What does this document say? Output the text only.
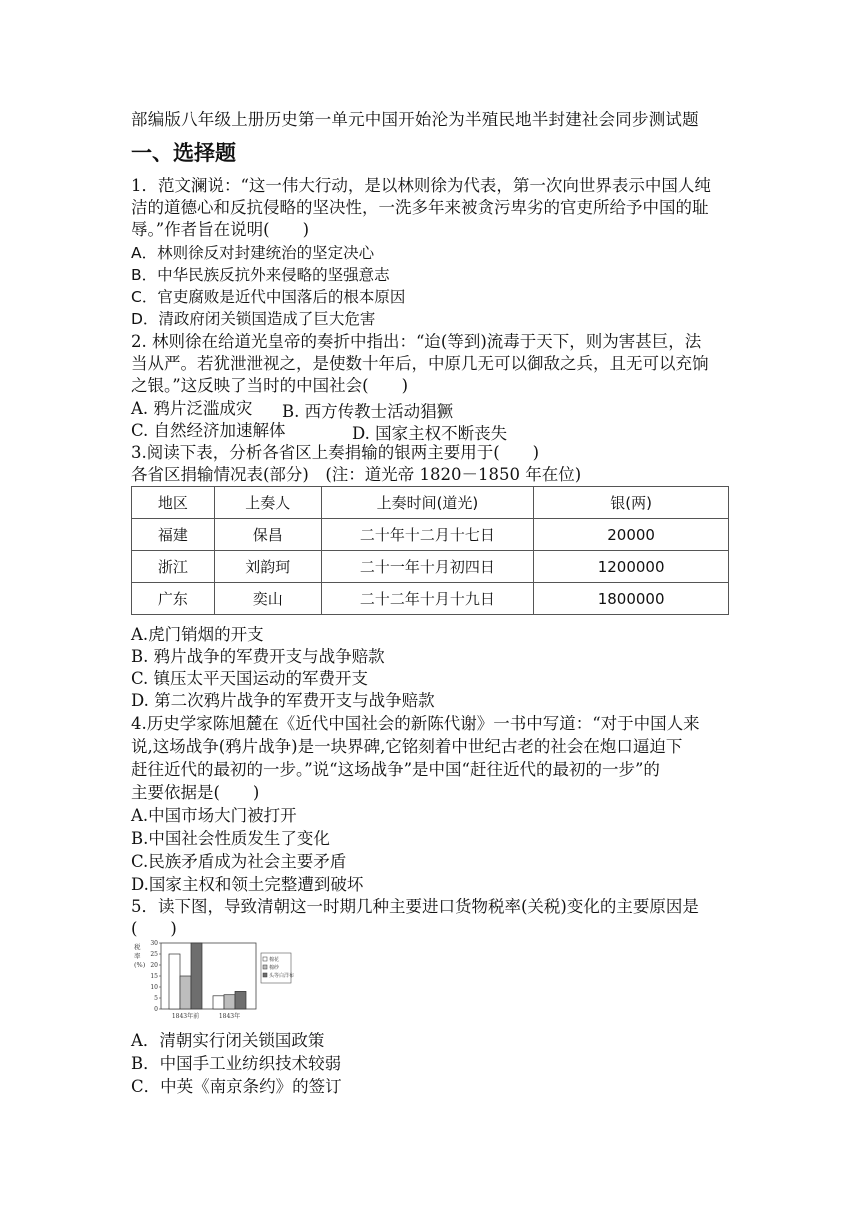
部编版八年级上册历史第一单元中国开始沦为半殖民地半封建社会同步测试题
一、选择题
1．范文澜说：“这一伟大行动，是以林则徐为代表，第一次向世界表示中国人纯
洁的道德心和反抗侵略的坚决性，一洗多年来被贪污卑劣的官吏所给予中国的耻
辱。”作者旨在说明(　　)
A．林则徐反对封建统治的坚定决心
B．中华民族反抗外来侵略的坚强意志
C．官吏腐败是近代中国落后的根本原因
D．清政府闭关锁国造成了巨大危害
2. 林则徐在给道光皇帝的奏折中指出：“迨(等到)流毒于天下，则为害甚巨，法
当从严。若犹泄泄视之，是使数十年后，中原几无可以御敌之兵，且无可以充饷
之银。”这反映了当时的中国社会(　　)
A. 鸦片泛滥成灾 B. 西方传教士活动猖獗
C. 自然经济加速解体	D. 国家主权不断丧失
3.阅读下表，分析各省区上奏捐输的银两主要用于(　　)
各省区捐输情况表(部分)　(注：道光帝 1820－1850 年在位)
地区	上奏人	上奏时间(道光)	银(两)
福建	保昌	二十年十二月十七日	20000
浙江	刘韵珂	二十一年十月初四日	1200000
广东	奕山	二十二年十月十九日	1800000
A.虎门销烟的开支
B. 鸦片战争的军费开支与战争赔款
C. 镇压太平天国运动的军费开支
D. 第二次鸦片战争的军费开支与战争赔款
4.历史学家陈旭麓在《近代中国社会的新陈代谢》一书中写道：“对于中国人来
说,这场战争(鸦片战争)是一块界碑,它铭刻着中世纪古老的社会在炮口逼迫下
赶往近代的最初的一步。”说“这场战争”是中国“赶往近代的最初的一步”的
主要依据是(　　)
A.中国市场大门被打开
B.中国社会性质发生了变化
C.民族矛盾成为社会主要矛盾
D.国家主权和领土完整遭到破坏
5．读下图，导致清朝这一时期几种主要进口货物税率(关税)变化的主要原因是
(　　)
税
率
(%)
0
5
10
15
20
25
30
1843年前	1843年
棉花
棉纱
头等白洋布
A．清朝实行闭关锁国政策
B．中国手工业纺织技术较弱
C．中英《南京条约》的签订
